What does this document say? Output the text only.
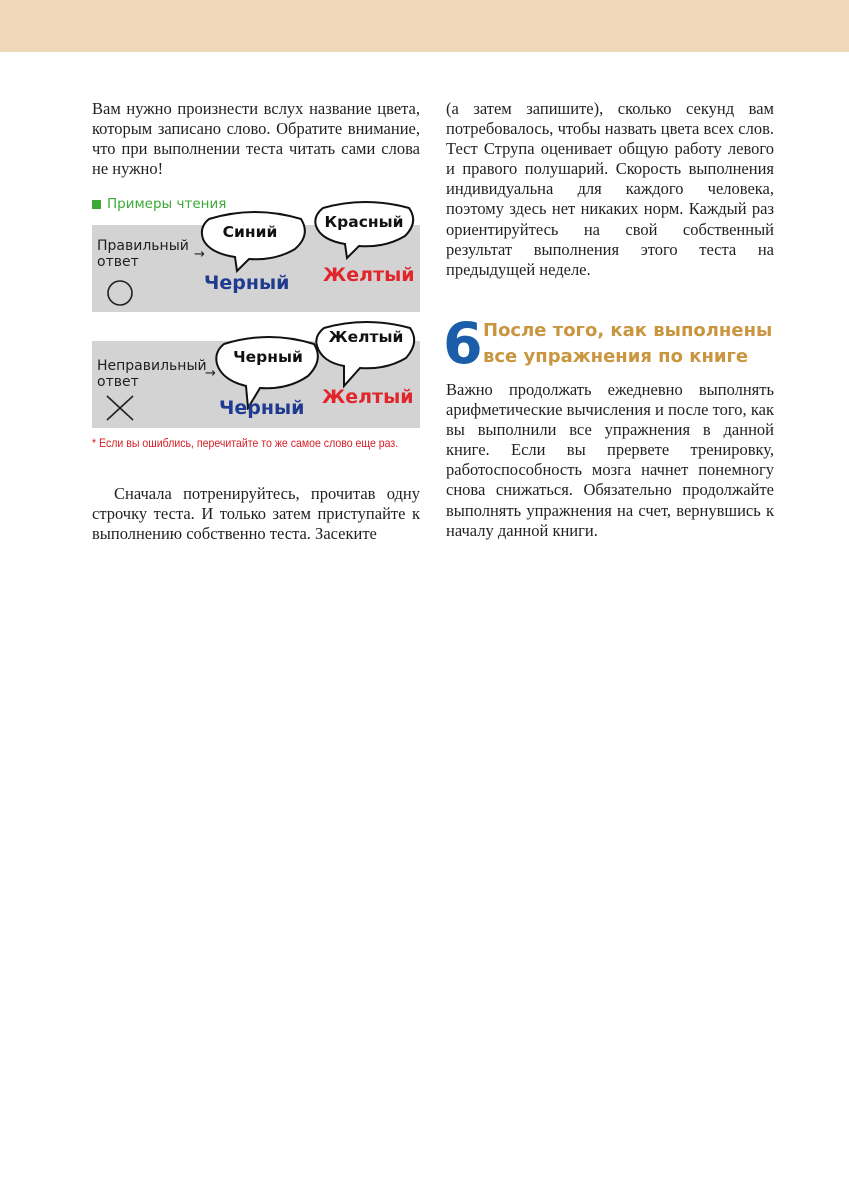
Вам нужно произнести вслух название цвета, которым записано слово. Обратите внимание, что при выполнении теста читать сами слова не нужно!

Примеры чтения
Правильный
ответ	→
Синий
Черный
Красный
Желтый
Неправильный
ответ
→
Черный
Черный
Желтый
Желтый
* Если вы ошиблись, перечитайте то же самое слово еще раз.

Сначала потренируйтесь, прочитав одну строчку теста. И только затем приступайте к выполнению собственно теста. Засеките

(а затем запишите), сколько секунд вам потребовалось, чтобы назвать цвета всех слов. Тест Струпа оценивает общую работу левого и правого полушарий. Скорость выполнения индивидуальна для каждого человека, поэтому здесь нет никаких норм. Каждый раз ориентируйтесь на свой собственный результат выполнения этого теста на предыдущей неделе.

6 После того, как выполнены все упражнения по книге

Важно продолжать ежедневно выполнять арифметические вычисления и после того, как вы выполнили все упражнения в данной книге. Если вы прервете тренировку, работоспособность мозга начнет понемногу снова снижаться. Обязательно продолжайте выполнять упражнения на счет, вернувшись к началу данной книги.
